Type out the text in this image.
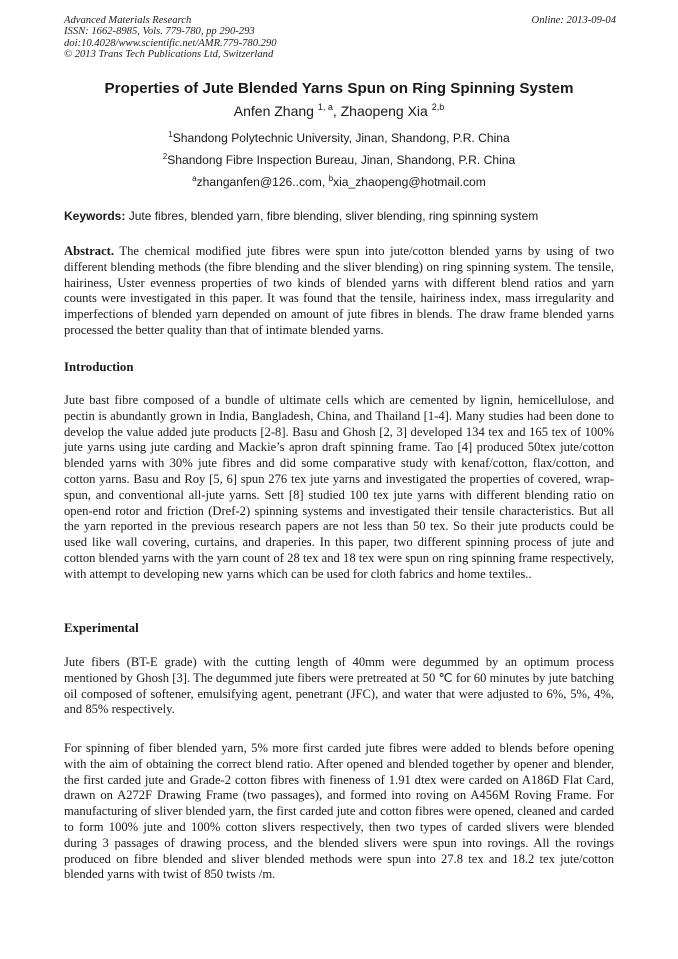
Advanced Materials Research
ISSN: 1662-8985, Vols. 779-780, pp 290-293
doi:10.4028/www.scientific.net/AMR.779-780.290
© 2013 Trans Tech Publications Ltd, Switzerland
Online: 2013-09-04
Properties of Jute Blended Yarns Spun on Ring Spinning System
Anfen Zhang $^{1, a}$, Zhaopeng Xia $^{2,b}$
$^1$Shandong Polytechnic University, Jinan, Shandong, P.R. China
$^2$Shandong Fibre Inspection Bureau, Jinan, Shandong, P.R. China
$^a$zhanganfen@126..com, $^b$xia_zhaopeng@hotmail.com
Keywords: Jute fibres, blended yarn, fibre blending, sliver blending, ring spinning system
Abstract. The chemical modified jute fibres were spun into jute/cotton blended yarns by using of two different blending methods (the fibre blending and the sliver blending) on ring spinning system. The tensile, hairiness, Uster evenness properties of two kinds of blended yarns with different blend ratios and yarn counts were investigated in this paper. It was found that the tensile, hairiness index, mass irregularity and imperfections of blended yarn depended on amount of jute fibres in blends. The draw frame blended yarns processed the better quality than that of intimate blended yarns.
Introduction
Jute bast fibre composed of a bundle of ultimate cells which are cemented by lignin, hemicellulose, and pectin is abundantly grown in India, Bangladesh, China, and Thailand [1-4]. Many studies had been done to develop the value added jute products [2-8]. Basu and Ghosh [2, 3] developed 134 tex and 165 tex of 100% jute yarns using jute carding and Mackie’s apron draft spinning frame. Tao [4] produced 50tex jute/cotton blended yarns with 30% jute fibres and did some comparative study with kenaf/cotton, flax/cotton, and cotton yarns. Basu and Roy [5, 6] spun 276 tex jute yarns and investigated the properties of covered, wrap-spun, and conventional all-jute yarns. Sett [8] studied 100 tex jute yarns with different blending ratio on open-end rotor and friction (Dref-2) spinning systems and investigated their tensile characteristics. But all the yarn reported in the previous research papers are not less than 50 tex. So their jute products could be used like wall covering, curtains, and draperies. In this paper, two different spinning process of jute and cotton blended yarns with the yarn count of 28 tex and 18 tex were spun on ring spinning frame respectively, with attempt to developing new yarns which can be used for cloth fabrics and home textiles..
Experimental
Jute fibers (BT-E grade) with the cutting length of 40mm were degummed by an optimum process mentioned by Ghosh [3]. The degummed jute fibers were pretreated at 50 ℃ for 60 minutes by jute batching oil composed of softener, emulsifying agent, penetrant (JFC), and water that were adjusted to 6%, 5%, 4%, and 85% respectively.
For spinning of fiber blended yarn, 5% more first carded jute fibres were added to blends before opening with the aim of obtaining the correct blend ratio. After opened and blended together by opener and blender, the first carded jute and Grade-2 cotton fibres with fineness of 1.91 dtex were carded on A186D Flat Card, drawn on A272F Drawing Frame (two passages), and formed into roving on A456M Roving Frame. For manufacturing of sliver blended yarn, the first carded jute and cotton fibres were opened, cleaned and carded to form 100% jute and 100% cotton slivers respectively, then two types of carded slivers were blended during 3 passages of drawing process, and the blended slivers were spun into rovings. All the rovings produced on fibre blended and sliver blended methods were spun into 27.8 tex and 18.2 tex jute/cotton blended yarns with twist of 850 twists /m.
